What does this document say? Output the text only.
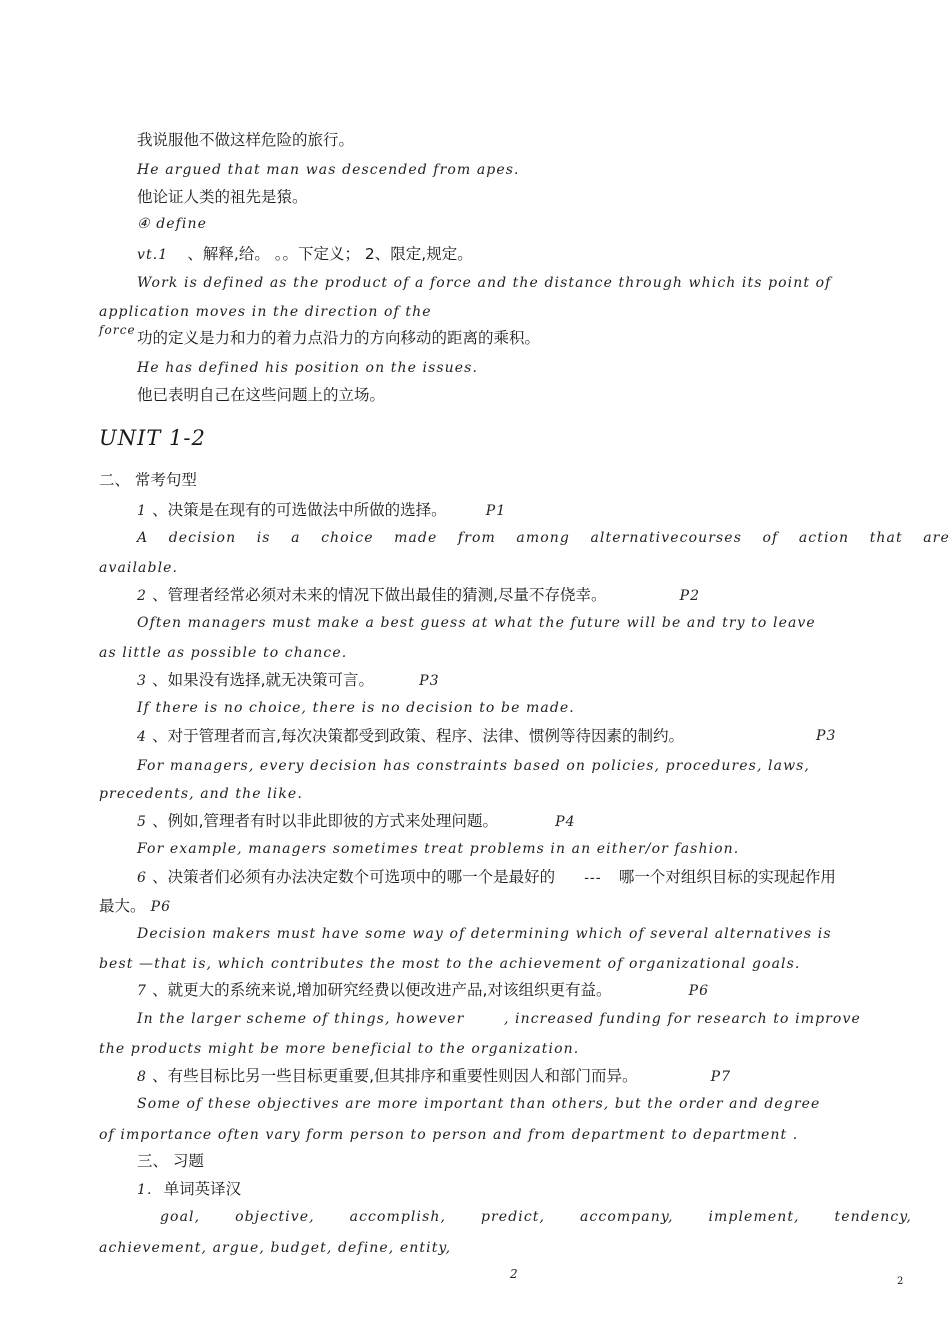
我说服他不做这样危险的旅行。
He argued that man was descended from apes.
他论证人类的祖先是猿。
④ define
vt.1 、解释,给。 。。下定义； 2、限定,规定。
Work is defined as the product of a force and the distance through which its point of
application moves in the direction of the
force 功的定义是力和力的着力点沿力的方向移动的距离的乘积。
He has defined his position on the issues.
他已表明自己在这些问题上的立场。
UNIT 1-2
二、 常考句型
1 、决策是在现有的可选做法中所做的选择。	P1
A decision is a choice made from among alternativecourses of action that are
available.
2 、管理者经常必须对未来的情况下做出最佳的猜测,尽量不存侥幸。	P2
Often managers must make a best guess at what the future will be and try to leave
as little as possible to chance.
3 、如果没有选择,就无决策可言。	P3
If there is no choice, there is no decision to be made.
4 、对于管理者而言,每次决策都受到政策、程序、法律、惯例等待因素的制约。	P3
For managers, every decision has constraints based on policies, procedures, laws,
precedents, and the like.
5 、例如,管理者有时以非此即彼的方式来处理问题。	P4
For example, managers sometimes treat problems in an either/or fashion.
6 、决策者们必须有办法决定数个可选项中的哪一个是最好的 --- 哪一个对组织目标的实现起作用
最大。 P6
Decision makers must have some way of determining which of several alternatives is
best —that is, which contributes the most to the achievement of organizational goals.
7 、就更大的系统来说,增加研究经费以便改进产品,对该组织更有益。	P6
In the larger scheme of things, however	, increased funding for research to improve
the products might be more beneficial to the organization.
8 、有些目标比另一些目标更重要,但其排序和重要性则因人和部门而异。	P7
Some of these objectives are more important than others, but the order and degree
of importance often vary form person to person and from department to department .
三、 习题
1. 单词英译汉
goal, objective, accomplish, predict, accompany, implement, tendency,
achievement, argue, budget, define, entity,
2
2
